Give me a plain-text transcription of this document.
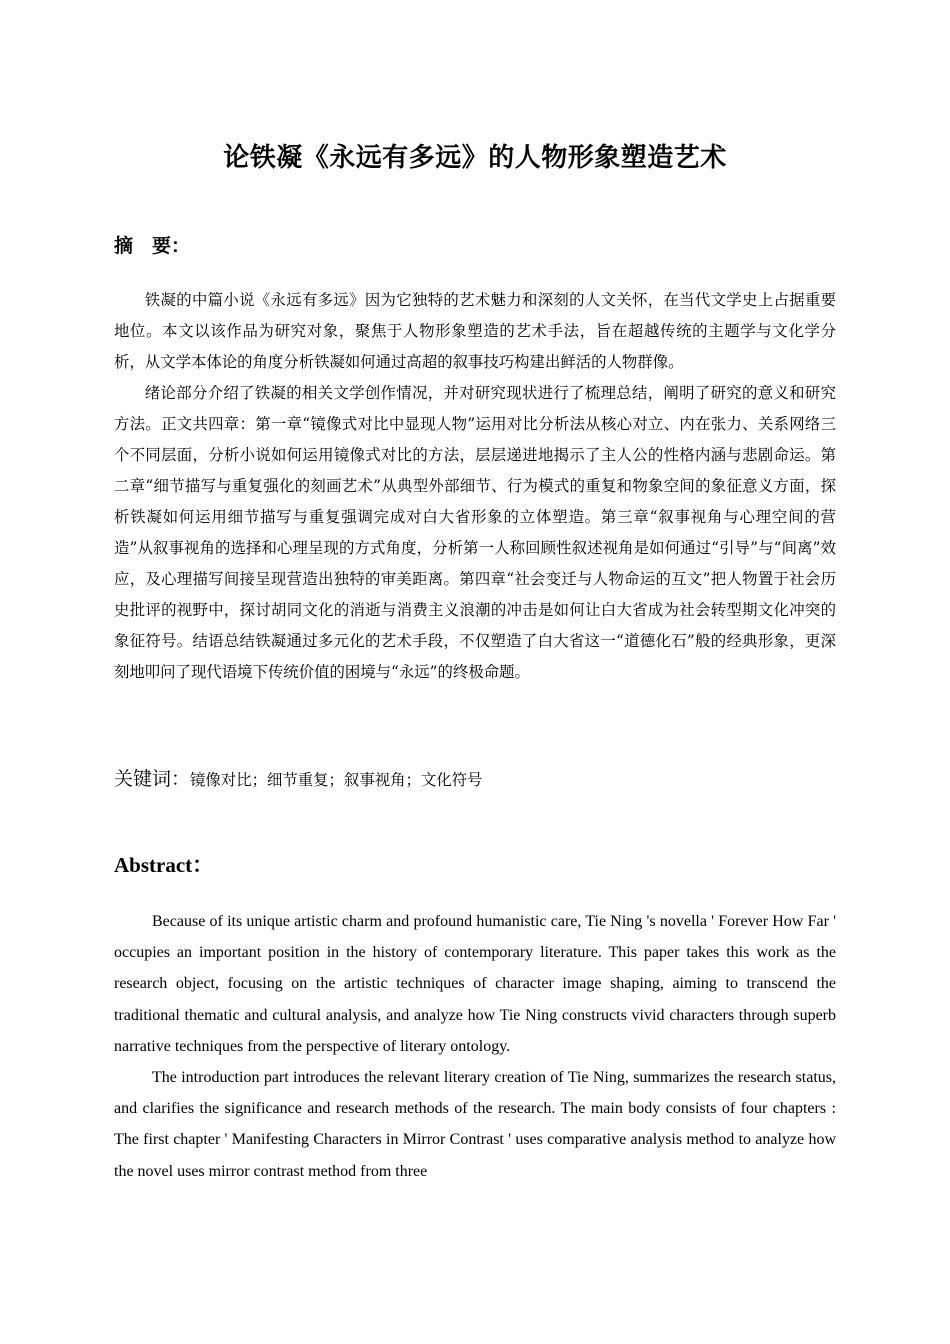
论铁凝《永远有多远》的人物形象塑造艺术
摘　要：

铁凝的中篇小说《永远有多远》因为它独特的艺术魅力和深刻的人文关怀，在当代文学史上占据重要地位。本文以该作品为研究对象，聚焦于人物形象塑造的艺术手法，旨在超越传统的主题学与文化学分析，从文学本体论的角度分析铁凝如何通过高超的叙事技巧构建出鲜活的人物群像。

绪论部分介绍了铁凝的相关文学创作情况，并对研究现状进行了梳理总结，阐明了研究的意义和研究方法。正文共四章：第一章“镜像式对比中显现人物”运用对比分析法从核心对立、内在张力、关系网络三个不同层面，分析小说如何运用镜像式对比的方法，层层递进地揭示了主人公的性格内涵与悲剧命运。第二章“细节描写与重复强化的刻画艺术”从典型外部细节、行为模式的重复和物象空间的象征意义方面，探析铁凝如何运用细节描写与重复强调完成对白大省形象的立体塑造。第三章“叙事视角与心理空间的营造”从叙事视角的选择和心理呈现的方式角度，分析第一人称回顾性叙述视角是如何通过“引导”与“间离”效应，及心理描写间接呈现营造出独特的审美距离。第四章“社会变迁与人物命运的互文”把人物置于社会历史批评的视野中，探讨胡同文化的消逝与消费主义浪潮的冲击是如何让白大省成为社会转型期文化冲突的象征符号。结语总结铁凝通过多元化的艺术手段，不仅塑造了白大省这一“道德化石”般的经典形象，更深刻地叩问了现代语境下传统价值的困境与“永远”的终极命题。

关键词：镜像对比；细节重复；叙事视角；文化符号
Abstract：

Because of its unique artistic charm and profound humanistic care, Tie Ning 's novella ' Forever How Far ' occupies an important position in the history of contemporary literature. This paper takes this work as the research object, focusing on the artistic techniques of character image shaping, aiming to transcend the traditional thematic and cultural analysis, and analyze how Tie Ning constructs vivid characters through superb narrative techniques from the perspective of literary ontology.

The introduction part introduces the relevant literary creation of Tie Ning, summarizes the research status, and clarifies the significance and research methods of the research. The main body consists of four chapters : The first chapter ' Manifesting Characters in Mirror Contrast ' uses comparative analysis method to analyze how the novel uses mirror contrast method from three
